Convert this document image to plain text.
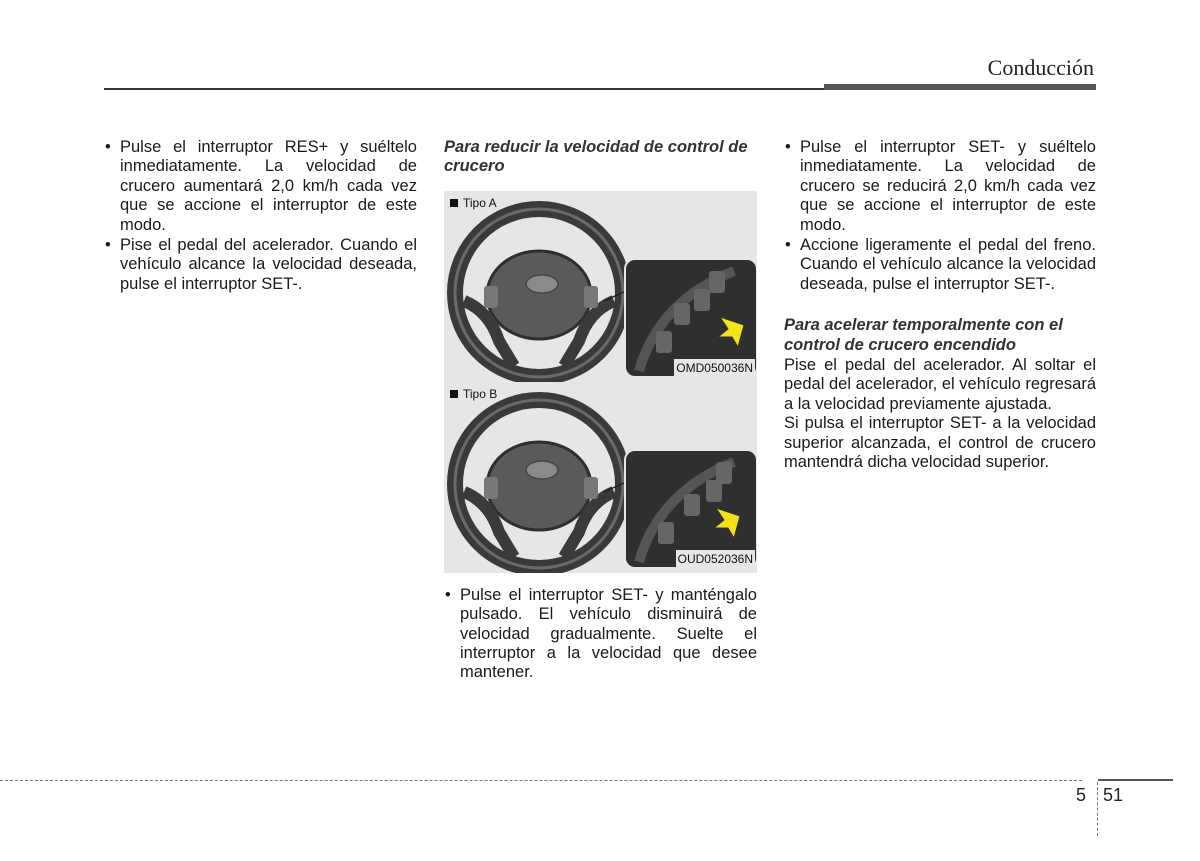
Conducción
• Pulse el interruptor RES+ y suéltelo inmediatamente. La velocidad de crucero aumentará 2,0 km/h cada vez que se accione el interruptor de este modo.
• Pise el pedal del acelerador. Cuando el vehículo alcance la velocidad deseada, pulse el interruptor SET-.
Para reducir la velocidad de control de crucero
Tipo A
OMD050036N
Tipo B
OUD052036N
• Pulse el interruptor SET- y manténgalo pulsado. El vehículo disminuirá de velocidad gradualmente. Suelte el interruptor a la velocidad que desee mantener.
• Pulse el interruptor SET- y suéltelo inmediatamente. La velocidad de crucero se reducirá 2,0 km/h cada vez que se accione el interruptor de este modo.
• Accione ligeramente el pedal del freno. Cuando el vehículo alcance la velocidad deseada, pulse el interruptor SET-.
Para acelerar temporalmente con el control de crucero encendido

Pise el pedal del acelerador. Al soltar el pedal del acelerador, el vehículo regresará a la velocidad previamente ajustada.

Si pulsa el interruptor SET- a la velocidad superior alcanzada, el control de crucero mantendrá dicha velocidad superior.

5 51
